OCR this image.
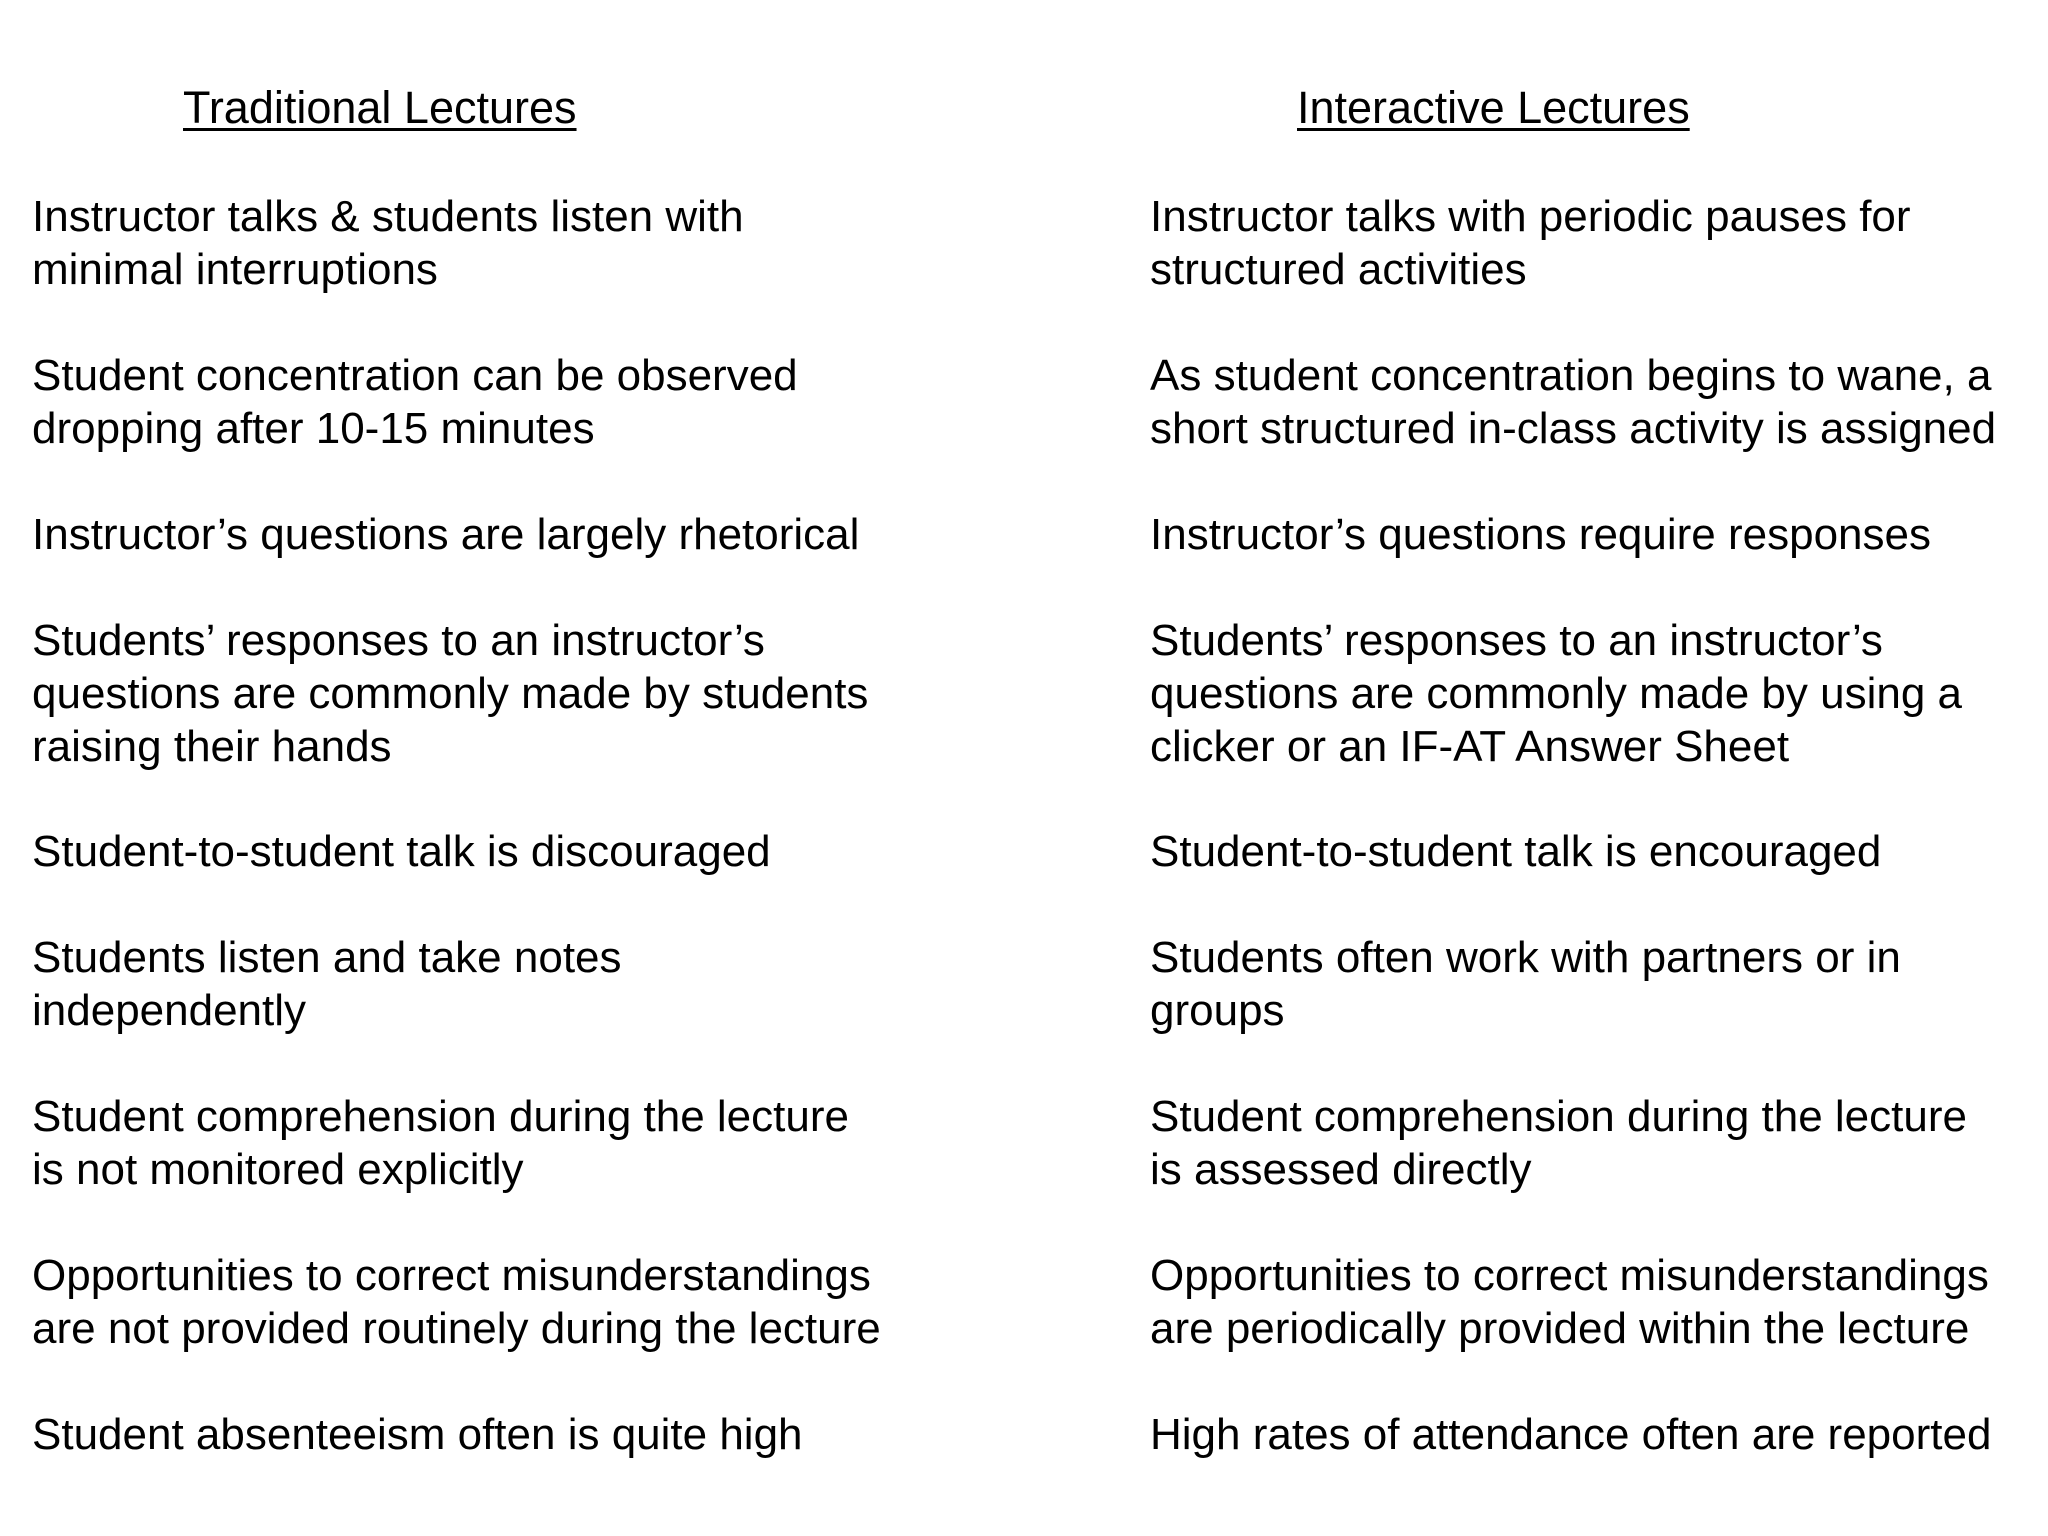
Traditional Lectures	Interactive Lectures
Instructor talks & students listen with
minimal interruptions
Student concentration can be observed
dropping after 10-15 minutes
Instructor’s questions are largely rhetorical
Students’ responses to an instructor’s
questions are commonly made by students
raising their hands
Student-to-student talk is discouraged
Students listen and take notes
independently
Student comprehension during the lecture
is not monitored explicitly
Opportunities to correct misunderstandings
are not provided routinely during the lecture
Student absenteeism often is quite high
Instructor talks with periodic pauses for
structured activities
As student concentration begins to wane, a
short structured in-class activity is assigned
Instructor’s questions require responses
Students’ responses to an instructor’s
questions are commonly made by using a
clicker or an IF-AT Answer Sheet
Student-to-student talk is encouraged
Students often work with partners or in
groups
Student comprehension during the lecture
is assessed directly
Opportunities to correct misunderstandings
are periodically provided within the lecture
High rates of attendance often are reported
